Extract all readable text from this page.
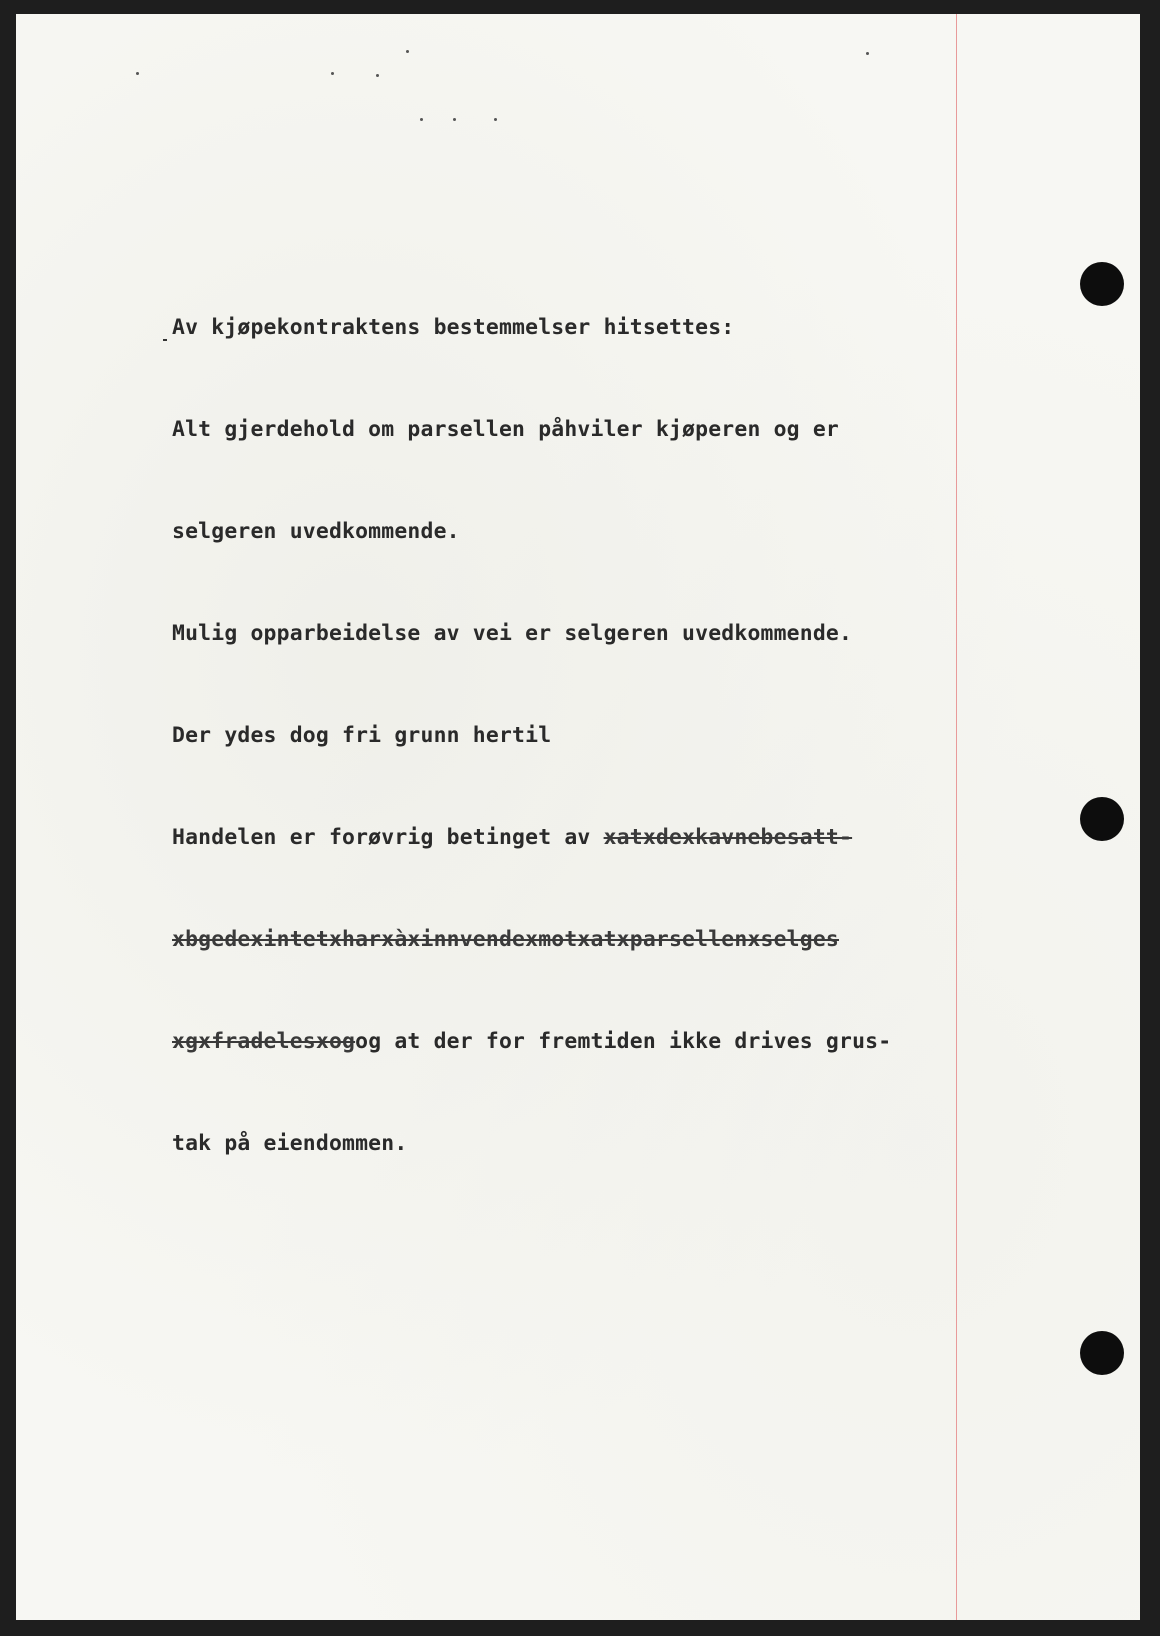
Av kjøpekontraktens bestemmelser hitsettes:

Alt gjerdehold om parsellen påhviler kjøperen og er

selgeren uvedkommende.

Mulig opparbeidelse av vei er selgeren uvedkommende.

Der ydes dog fri grunn hertil

Handelen er forøvrig betinget av xatxdexkavnebesatt-

xbgedexintetxharxàxinnvendexmotxatxparsellenxselges

xgxfradelesxogog at der for fremtiden ikke drives grus-

tak på eiendommen.
